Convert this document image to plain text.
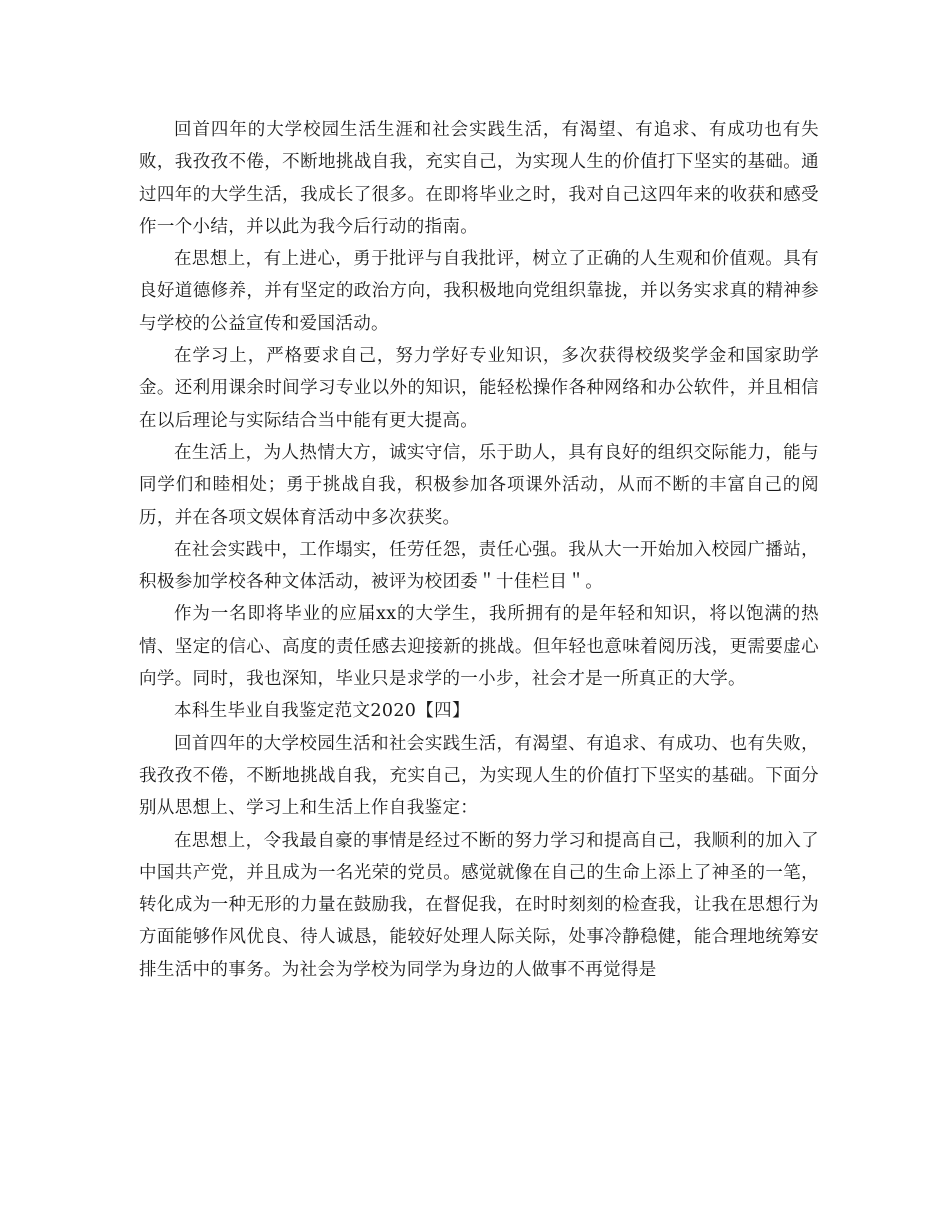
回首四年的大学校园生活生涯和社会实践生活，有渴望、有追求、有成功也有失败，我孜孜不倦，不断地挑战自我，充实自己，为实现人生的价值打下坚实的基础。通过四年的大学生活，我成长了很多。在即将毕业之时，我对自己这四年来的收获和感受作一个小结，并以此为我今后行动的指南。

在思想上，有上进心，勇于批评与自我批评，树立了正确的人生观和价值观。具有良好道德修养，并有坚定的政治方向，我积极地向党组织靠拢，并以务实求真的精神参与学校的公益宣传和爱国活动。

在学习上，严格要求自己，努力学好专业知识，多次获得校级奖学金和国家助学金。还利用课余时间学习专业以外的知识，能轻松操作各种网络和办公软件，并且相信在以后理论与实际结合当中能有更大提高。

在生活上，为人热情大方，诚实守信，乐于助人，具有良好的组织交际能力，能与同学们和睦相处；勇于挑战自我，积极参加各项课外活动，从而不断的丰富自己的阅历，并在各项文娱体育活动中多次获奖。

在社会实践中，工作塌实，任劳任怨，责任心强。我从大一开始加入校园广播站，积极参加学校各种文体活动，被评为校团委＂十佳栏目＂。

作为一名即将毕业的应届xx的大学生，我所拥有的是年轻和知识，将以饱满的热情、坚定的信心、高度的责任感去迎接新的挑战。但年轻也意味着阅历浅，更需要虚心向学。同时，我也深知，毕业只是求学的一小步，社会才是一所真正的大学。

本科生毕业自我鉴定范文2020【四】

回首四年的大学校园生活和社会实践生活，有渴望、有追求、有成功、也有失败，我孜孜不倦，不断地挑战自我，充实自己，为实现人生的价值打下坚实的基础。下面分别从思想上、学习上和生活上作自我鉴定：

在思想上，令我最自豪的事情是经过不断的努力学习和提高自己，我顺利的加入了中国共产党，并且成为一名光荣的党员。感觉就像在自己的生命上添上了神圣的一笔，转化成为一种无形的力量在鼓励我，在督促我，在时时刻刻的检查我，让我在思想行为方面能够作风优良、待人诚恳，能较好处理人际关际，处事冷静稳健，能合理地统筹安排生活中的事务。为社会为学校为同学为身边的人做事不再觉得是
